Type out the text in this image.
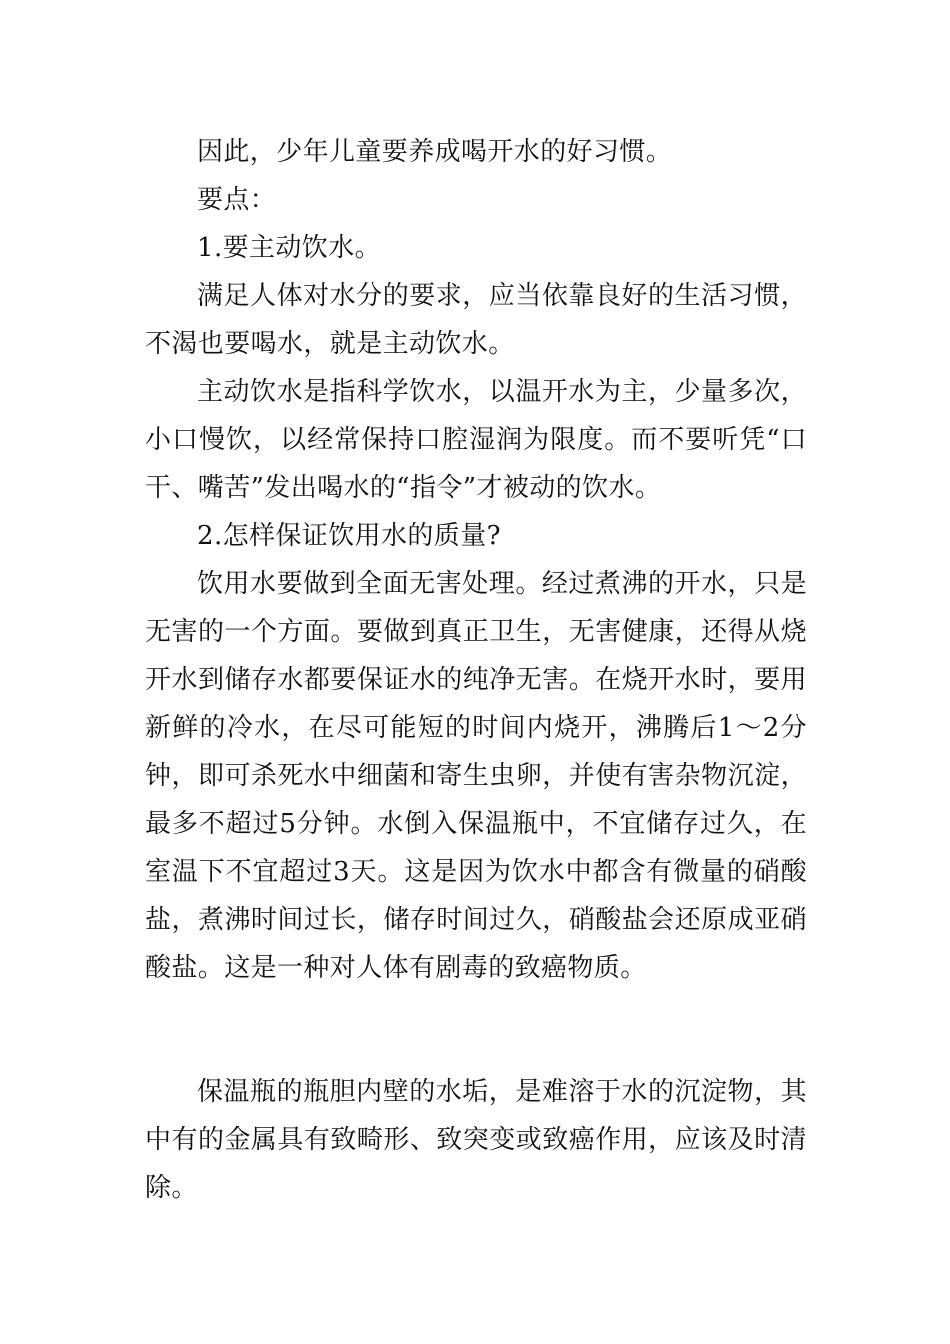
因此，少年儿童要养成喝开水的好习惯。

要点：

1.要主动饮水。

满足人体对水分的要求，应当依靠良好的生活习惯，不渴也要喝水，就是主动饮水。

主动饮水是指科学饮水，以温开水为主，少量多次，小口慢饮，以经常保持口腔湿润为限度。而不要听凭“口干、嘴苦”发出喝水的“指令”才被动的饮水。

2.怎样保证饮用水的质量?

饮用水要做到全面无害处理。经过煮沸的开水，只是无害的一个方面。要做到真正卫生，无害健康，还得从烧开水到储存水都要保证水的纯净无害。在烧开水时，要用新鲜的冷水，在尽可能短的时间内烧开，沸腾后1～2分钟，即可杀死水中细菌和寄生虫卵，并使有害杂物沉淀，最多不超过5分钟。水倒入保温瓶中，不宜储存过久，在室温下不宜超过3天。这是因为饮水中都含有微量的硝酸盐，煮沸时间过长，储存时间过久，硝酸盐会还原成亚硝酸盐。这是一种对人体有剧毒的致癌物质。

保温瓶的瓶胆内壁的水垢，是难溶于水的沉淀物，其中有的金属具有致畸形、致突变或致癌作用，应该及时清除。
